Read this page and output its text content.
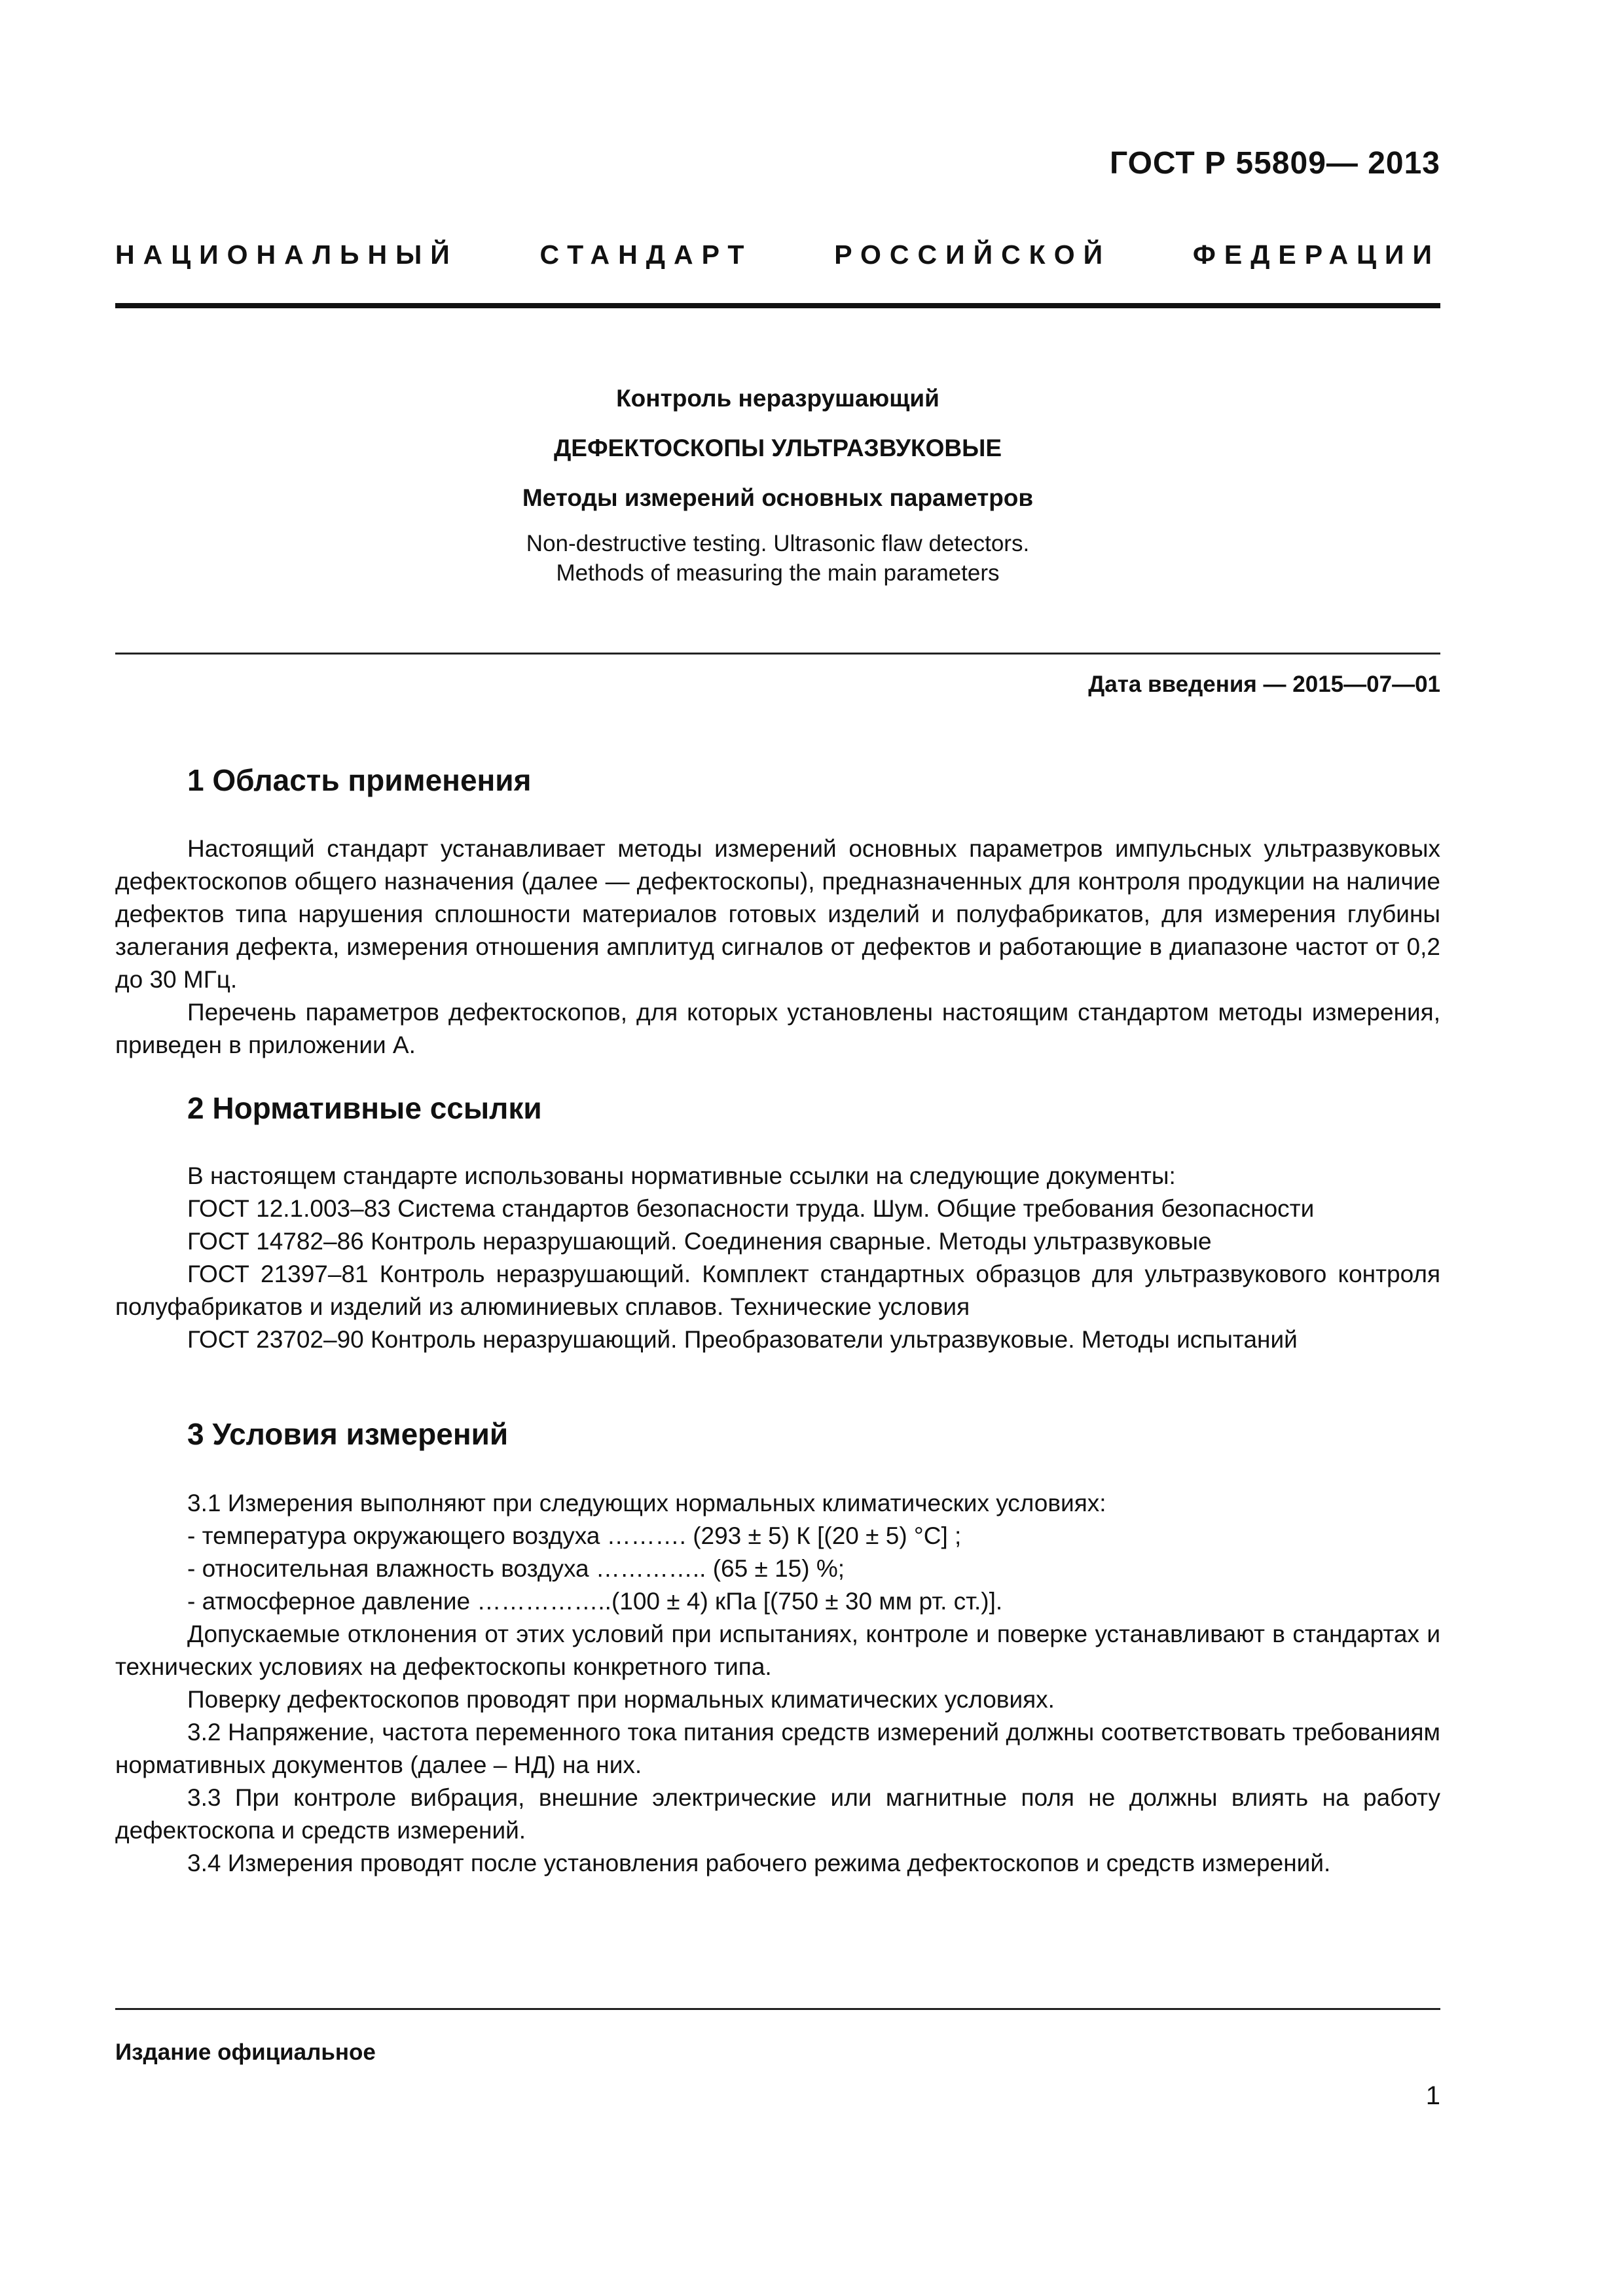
ГОСТ Р 55809— 2013
НАЦИОНАЛЬНЫЙ СТАНДАРТ РОССИЙСКОЙ ФЕДЕРАЦИИ
Контроль неразрушающий
ДЕФЕКТОСКОПЫ УЛЬТРАЗВУКОВЫЕ
Методы измерений основных параметров
Non-destructive testing. Ultrasonic flaw detectors.
Methods of measuring the main parameters
Дата введения — 2015—07—01
1 Область применения

Настоящий стандарт устанавливает методы измерений основных параметров импульсных ультразвуковых дефектоскопов общего назначения (далее — дефектоскопы), предназначенных для контроля продукции на наличие дефектов типа нарушения сплошности материалов готовых изделий и полуфабрикатов, для измерения глубины залегания дефекта, измерения отношения амплитуд сигналов от дефектов и работающие в диапазоне частот от 0,2 до 30 МГц.

Перечень параметров дефектоскопов, для которых установлены настоящим стандартом методы измерения, приведен в приложении А.

2 Нормативные ссылки

В настоящем стандарте использованы нормативные ссылки на следующие документы:

ГОСТ 12.1.003–83 Система стандартов безопасности труда. Шум. Общие требования безопасности

ГОСТ 14782–86 Контроль неразрушающий. Соединения сварные. Методы ультразвуковые

ГОСТ 21397–81 Контроль неразрушающий. Комплект стандартных образцов для ультразвукового контроля полуфабрикатов и изделий из алюминиевых сплавов. Технические условия

ГОСТ 23702–90 Контроль неразрушающий. Преобразователи ультразвуковые. Методы испытаний

3 Условия измерений

3.1 Измерения выполняют при следующих нормальных климатических условиях:

- температура окружающего воздуха ………. (293 ± 5) К [(20 ± 5) °С] ;

- относительная влажность воздуха ………….. (65 ± 15) %;

- атмосферное давление ……………..(100 ± 4) кПа [(750 ± 30 мм рт. ст.)].

Допускаемые отклонения от этих условий при испытаниях, контроле и поверке устанавливают в стандартах и технических условиях на дефектоскопы конкретного типа.

Поверку дефектоскопов проводят при нормальных климатических условиях.

3.2 Напряжение, частота переменного тока питания средств измерений должны соответствовать требованиям нормативных документов (далее – НД) на них.

3.3 При контроле вибрация, внешние электрические или магнитные поля не должны влиять на работу дефектоскопа и средств измерений.

3.4 Измерения проводят после установления рабочего режима дефектоскопов и средств измерений.

Издание официальное
1
